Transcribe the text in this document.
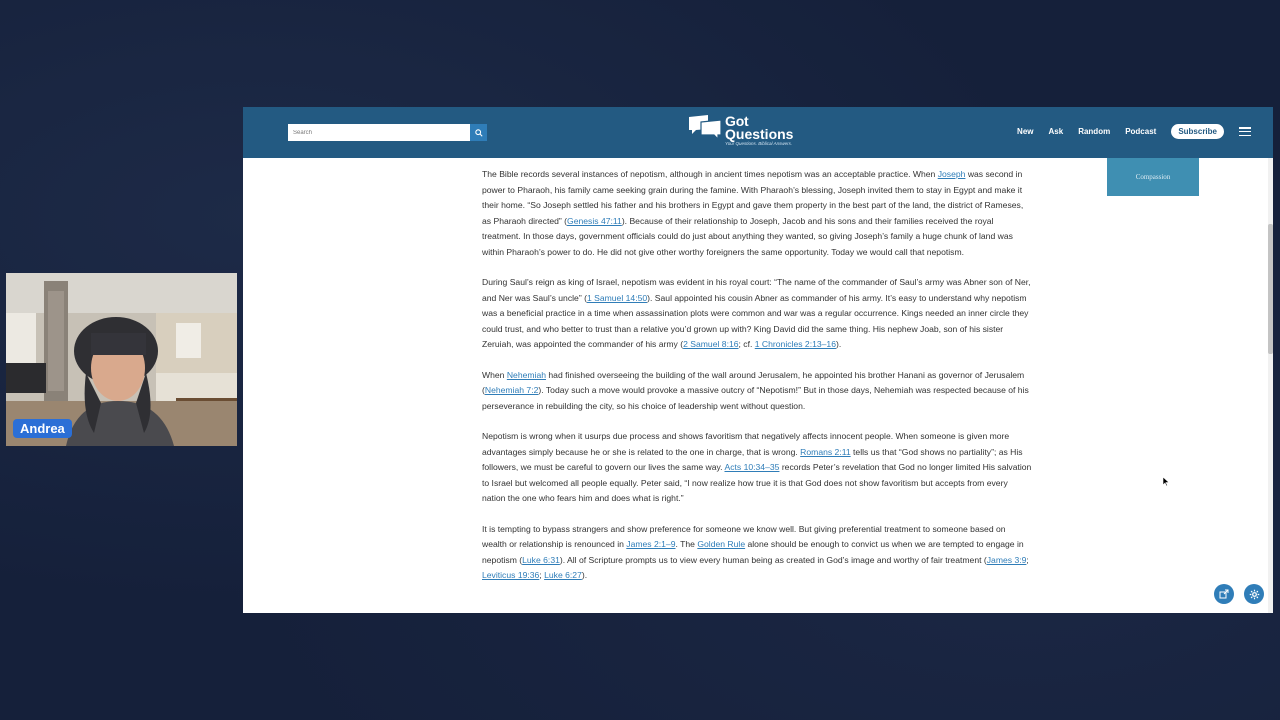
Andrea
Search
Got
Questions
Your Questions. Biblical Answers.
New Ask Random Podcast	Subscribe
Compassion

The Bible records several instances of nepotism, although in ancient times nepotism was an acceptable practice. When Joseph was second in power to Pharaoh, his family came seeking grain during the famine. With Pharaoh’s blessing, Joseph invited them to stay in Egypt and make it their home. “So Joseph settled his father and his brothers in Egypt and gave them property in the best part of the land, the district of Rameses, as Pharaoh directed” (Genesis 47:11). Because of their relationship to Joseph, Jacob and his sons and their families received the royal treatment. In those days, government officials could do just about anything they wanted, so giving Joseph’s family a huge chunk of land was within Pharaoh’s power to do. He did not give other worthy foreigners the same opportunity. Today we would call that nepotism.

During Saul’s reign as king of Israel, nepotism was evident in his royal court: “The name of the commander of Saul’s army was Abner son of Ner, and Ner was Saul’s uncle” (1 Samuel 14:50). Saul appointed his cousin Abner as commander of his army. It’s easy to understand why nepotism was a beneficial practice in a time when assassination plots were common and war was a regular occurrence. Kings needed an inner circle they could trust, and who better to trust than a relative you’d grown up with? King David did the same thing. His nephew Joab, son of his sister Zeruiah, was appointed the commander of his army (2 Samuel 8:16; cf. 1 Chronicles 2:13–16).

When Nehemiah had finished overseeing the building of the wall around Jerusalem, he appointed his brother Hanani as governor of Jerusalem (Nehemiah 7:2). Today such a move would provoke a massive outcry of “Nepotism!” But in those days, Nehemiah was respected because of his perseverance in rebuilding the city, so his choice of leadership went without question.

Nepotism is wrong when it usurps due process and shows favoritism that negatively affects innocent people. When someone is given more advantages simply because he or she is related to the one in charge, that is wrong. Romans 2:11 tells us that “God shows no partiality”; as His followers, we must be careful to govern our lives the same way. Acts 10:34–35 records Peter’s revelation that God no longer limited His salvation to Israel but welcomed all people equally. Peter said, “I now realize how true it is that God does not show favoritism but accepts from every nation the one who fears him and does what is right.”

It is tempting to bypass strangers and show preference for someone we know well. But giving preferential treatment to someone based on wealth or relationship is renounced in James 2:1–9. The Golden Rule alone should be enough to convict us when we are tempted to engage in nepotism (Luke 6:31). All of Scripture prompts us to view every human being as created in God’s image and worthy of fair treatment (James 3:9; Leviticus 19:36; Luke 6:27).
